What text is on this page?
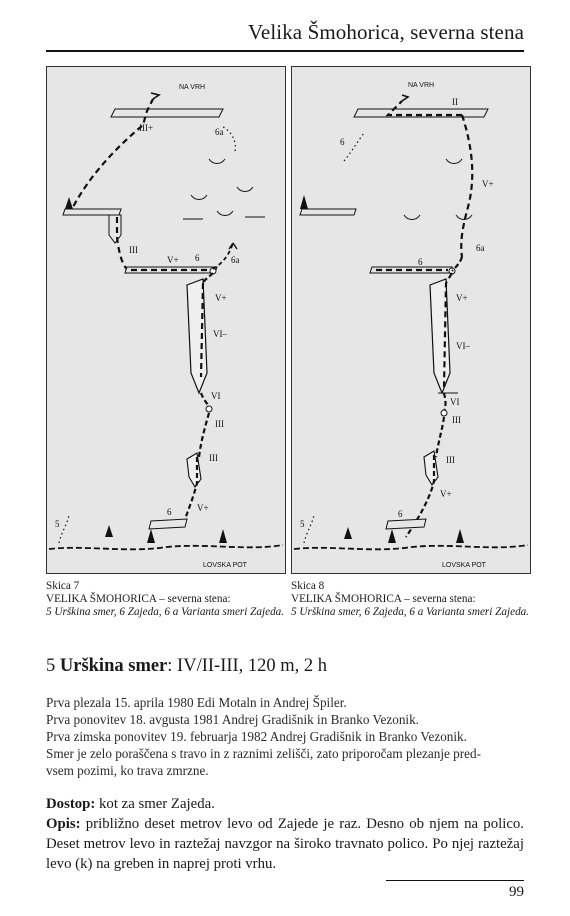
Velika Šmohorica, severna stena
NA VRH
III+	6a
III
V+ 6	6a
V+
VI–
VI
III
III
V+
6
5
LOVSKA POT
NA VRH
II
6
V+
6a
6
V+
VI–
VI
III
III
V+
6
5
LOVSKA POT
Skica 7
VELIKA ŠMOHORICA – severna stena:
5 Urškina smer, 6 Zajeda, 6 a Varianta smeri Zajeda.
Skica 8
VELIKA ŠMOHORICA – severna stena:
5 Urškina smer, 6 Zajeda, 6 a Varianta smeri Zajeda.
5 Urškina smer: IV/II-III, 120 m, 2 h
Prva plezala 15. aprila 1980 Edi Motaln in Andrej Špiler.
Prva ponovitev 18. avgusta 1981 Andrej Gradišnik in Branko Vezonik.
Prva zimska ponovitev 19. februarja 1982 Andrej Gradišnik in Branko Vezonik.
Smer je zelo poraščena s travo in z raznimi zelišči, zato priporočam plezanje pred-
vsem pozimi, ko trava zmrzne.

Dostop: kot za smer Zajeda.

Opis: približno deset metrov levo od Zajede je raz. Desno ob njem na polico. Deset metrov levo in raztežaj navzgor na široko travnato polico. Po njej raztežaj levo (k) na greben in naprej proti vrhu.

99
